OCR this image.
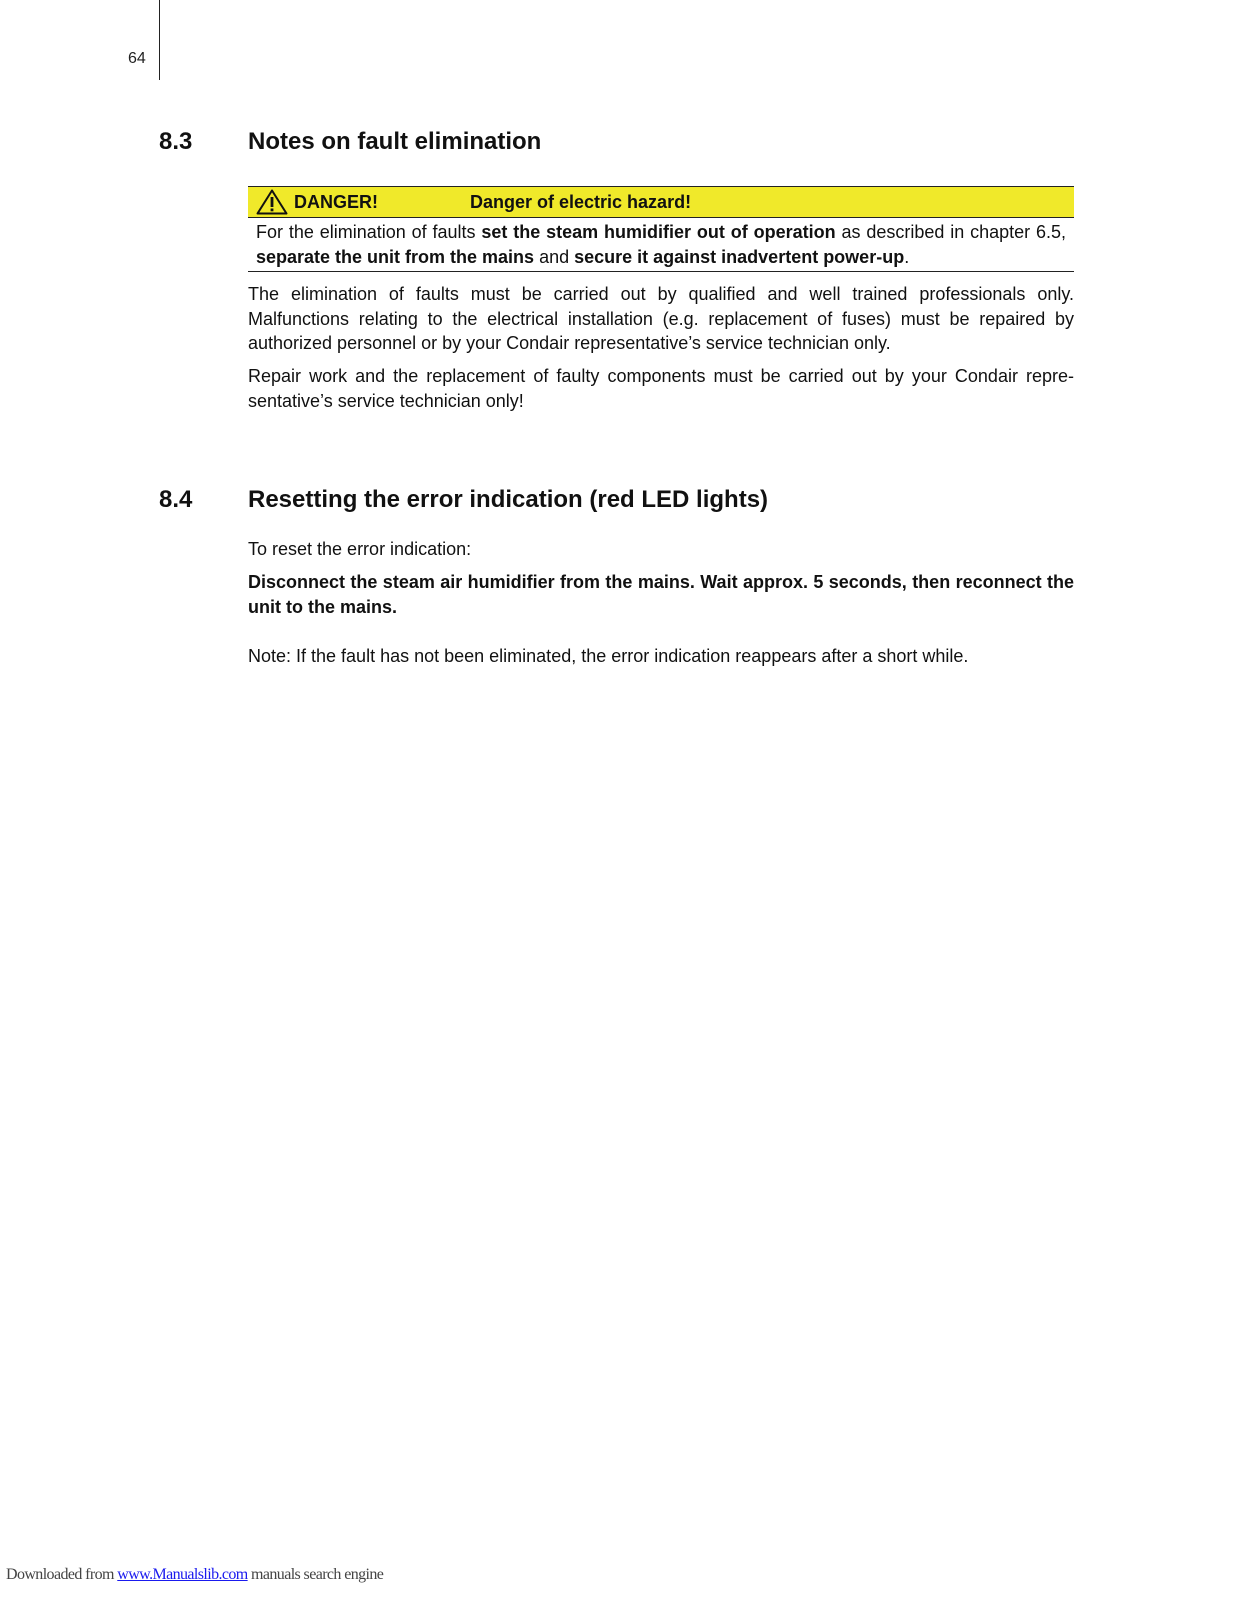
64
8.3 Notes on fault elimination
DANGER!	Danger of electric hazard!
For the elimination of faults set the steam humidifier out of operation as described in chapter 6.5, separate the unit from the mains and secure it against inadvertent power-up.

The elimination of faults must be carried out by qualified and well trained professionals only. Malfunctions relating to the electrical installation (e.g. replacement of fuses) must be repaired by authorized personnel or by your Condair representative’s service technician only.

Repair work and the replacement of faulty components must be carried out by your Condair repre-sentative’s service technician only!

8.4 Resetting the error indication (red LED lights)

To reset the error indication:

Disconnect the steam air humidifier from the mains. Wait approx. 5 seconds, then reconnect the unit to the mains.

Note: If the fault has not been eliminated, the error indication reappears after a short while.

Downloaded from www.Manualslib.com manuals search engine
